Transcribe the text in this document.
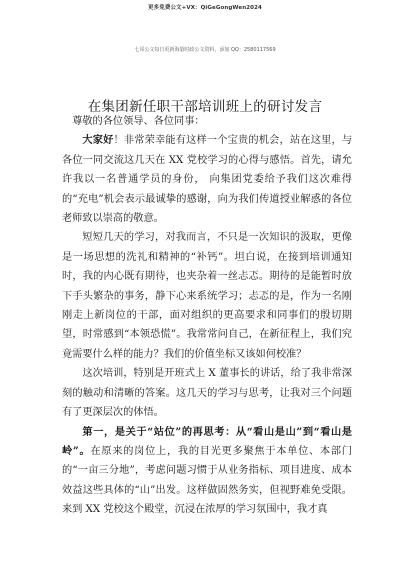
更多免费公文+VX：QiGeGongWen2024
七哥公文每日更新海量时政公文资料，添加 QQ：2580117569
在集团新任职干部培训班上的研讨发言

尊敬的各位领导、各位同事：

大家好！非常荣幸能有这样一个宝贵的机会，站在这里，与各位一同交流这几天在 XX 党校学习的心得与感悟。首先，请允许我以一名普通学员的身份， 向集团党委给予我们这次难得的“充电”机会表示最诚挚的感谢，向为我们传道授业解惑的各位老师致以崇高的敬意。

短短几天的学习，对我而言，不只是一次知识的汲取，更像是一场思想的洗礼和精神的“补钙”。坦白说，在接到培训通知时，我的内心既有期待，也夹杂着一丝忐忑。期待的是能暂时放下手头繁杂的事务，静下心来系统学习；忐忑的是，作为一名刚刚走上新岗位的干部，面对组织的更高要求和同事们的殷切期望，时常感到“本领恐慌”。我常常问自己，在新征程上，我们究竟需要什么样的能力？我们的价值坐标又该如何校准？

这次培训，特别是开班式上 X 董事长的讲话，给了我非常深刻的触动和清晰的答案。这几天的学习与思考，让我对三个问题有了更深层次的体悟。

第一，是关于“站位”的再思考：从“看山是山”到“看山是岭”。在原来的岗位上，我的目光更多聚焦于本单位、本部门的“一亩三分地”，考虑问题习惯于从业务指标、项目进度、成本效益这些具体的“山”出发。这样做固然务实，但视野难免受限。来到 XX 党校这个殿堂，沉浸在浓厚的学习氛围中，我才真
